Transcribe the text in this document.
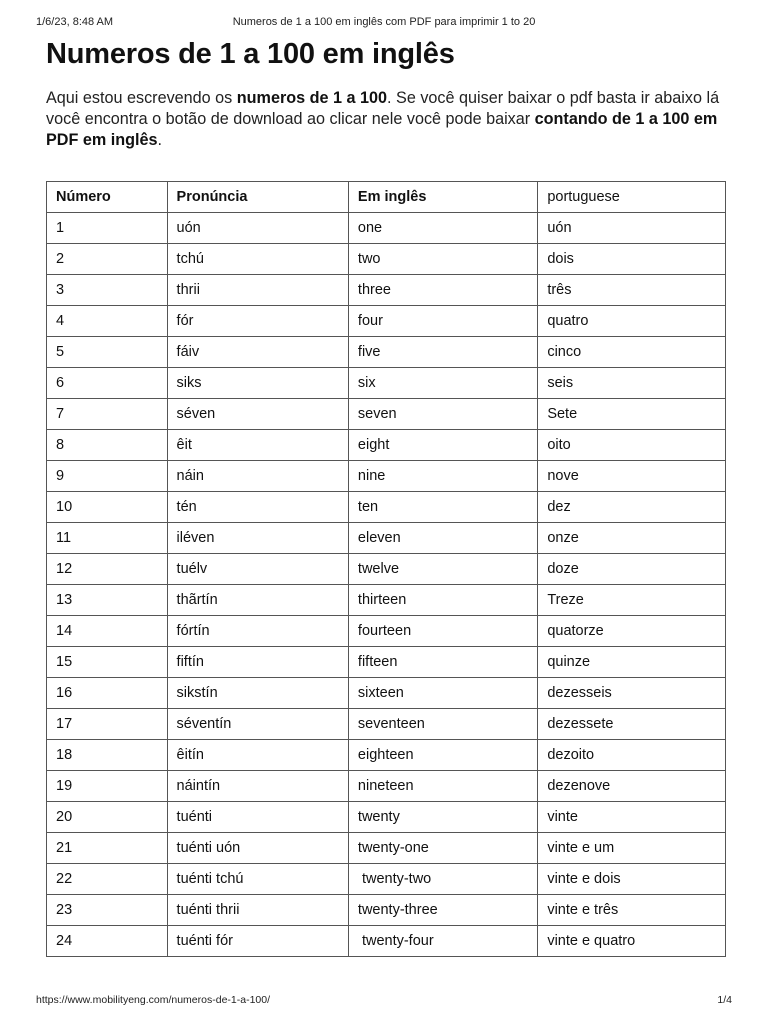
1/6/23, 8:48 AM	Numeros de 1 a 100 em inglês com PDF para imprimir 1 to 20
Numeros de 1 a 100 em inglês

Aqui estou escrevendo os numeros de 1 a 100. Se você quiser baixar o pdf basta ir abaixo lá você encontra o botão de download ao clicar nele você pode baixar contando de 1 a 100 em PDF em inglês.

Número	Pronúncia	Em inglês	portuguese
1	uón	one	uón
2	tchú	two	dois
3	thrii	three	três
4	fór	four	quatro
5	fáiv	five	cinco
6	siks	six	seis
7	séven	seven	Sete
8	êit	eight	oito
9	náin	nine	nove
10	tén	ten	dez
11	iléven	eleven	onze
12	tuélv	twelve	doze
13	thãrtín	thirteen	Treze
14	fórtín	fourteen	quatorze
15	fiftín	fifteen	quinze
16	sikstín	sixteen	dezesseis
17	séventín	seventeen	dezessete
18	êitín	eighteen	dezoito
19	náintín	nineteen	dezenove
20	tuénti	twenty	vinte
21	tuénti uón	twenty-one	vinte e um
22	tuénti tchú	twenty-two	vinte e dois
23	tuénti thrii	twenty-three	vinte e três
24	tuénti fór	twenty-four	vinte e quatro
https://www.mobilityeng.com/numeros-de-1-a-100/	1/4
